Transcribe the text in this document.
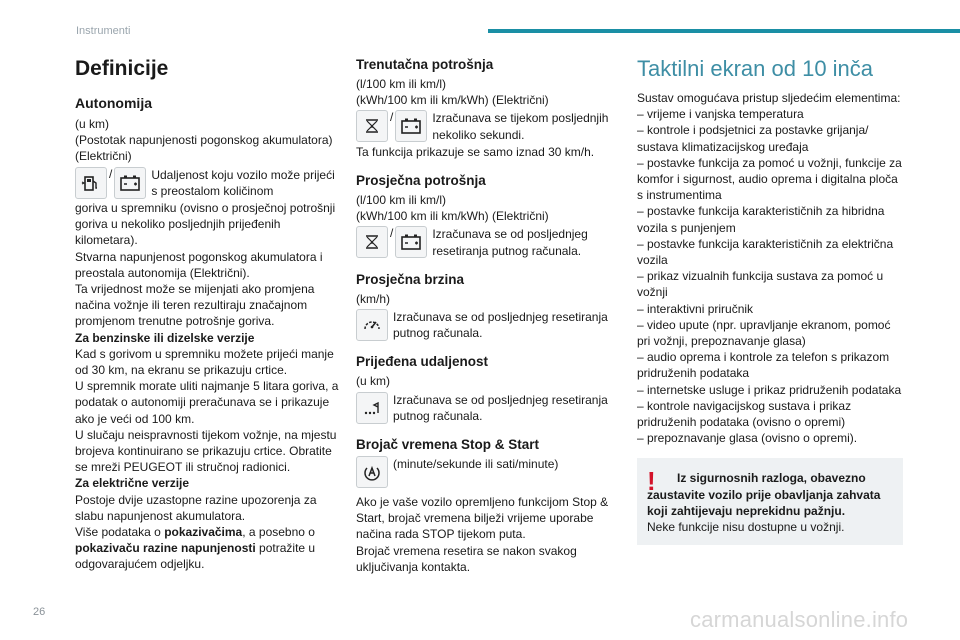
Instrumenti
Definicije
Autonomija

(u km)

(Postotak napunjenosti pogonskog akumulatora) (Električni)

/	Udaljenost koju vozilo može prijeći s preostalom količinom

goriva u spremniku (ovisno o prosječnoj potrošnji goriva u nekoliko posljednjih prijeđenih kilometara).

Stvarna napunjenost pogonskog akumulatora i preostala autonomija (Električni).

Ta vrijednost može se mijenjati ako promjena načina vožnje ili teren rezultiraju značajnom promjenom trenutne potrošnje goriva.

Za benzinske ili dizelske verzije

Kad s gorivom u spremniku možete prijeći manje od 30 km, na ekranu se prikazuju crtice.

U spremnik morate uliti najmanje 5 litara goriva, a podatak o autonomiji preračunava se i prikazuje ako je veći od 100 km.

U slučaju neispravnosti tijekom vožnje, na mjestu brojeva kontinuirano se prikazuju crtice. Obratite se mreži PEUGEOT ili stručnoj radionici.

Za električne verzije

Postoje dvije uzastopne razine upozorenja za slabu napunjenost akumulatora.

Više podataka o pokazivačima, a posebno o pokazivaču razine napunjenosti potražite u odgovarajućem odjeljku.

Trenutačna potrošnja

(l/100 km ili km/l)

(kWh/100 km ili km/kWh) (Električni)

/	Izračunava se tijekom posljednjih nekoliko sekundi.

Ta funkcija prikazuje se samo iznad 30 km/h.

Prosječna potrošnja

(l/100 km ili km/l)

(kWh/100 km ili km/kWh) (Električni)

/	Izračunava se od posljednjeg resetiranja putnog računala.
Prosječna brzina

(km/h)

Izračunava se od posljednjeg resetiranja putnog računala.
Prijeđena udaljenost

(u km)

Izračunava se od posljednjeg resetiranja putnog računala.
Brojač vremena Stop & Start
(minute/sekunde ili sati/minute)

Ako je vaše vozilo opremljeno funkcijom Stop & Start, brojač vremena bilježi vrijeme uporabe načina rada STOP tijekom puta.

Brojač vremena resetira se nakon svakog uključivanja kontakta.

Taktilni ekran od 10 inča

Sustav omogućava pristup sljedećim elementima:

– vrijeme i vanjska temperatura

– kontrole i podsjetnici za postavke grijanja/ sustava klimatizacijskog uređaja

– postavke funkcija za pomoć u vožnji, funkcije za komfor i sigurnost, audio oprema i digitalna ploča s instrumentima

– postavke funkcija karakterističnih za hibridna vozila s punjenjem

– postavke funkcija karakterističnih za električna vozila

– prikaz vizualnih funkcija sustava za pomoć u vožnji

– interaktivni priručnik

– video upute (npr. upravljanje ekranom, pomoć pri vožnji, prepoznavanje glasa)

– audio oprema i kontrole za telefon s prikazom pridruženih podataka

– internetske usluge i prikaz pridruženih podataka

– kontrole navigacijskog sustava i prikaz pridruženih podataka (ovisno o opremi)

– prepoznavanje glasa (ovisno o opremi).

!	Iz sigurnosnih razloga, obavezno zaustavite vozilo prije obavljanja zahvata koji zahtijevaju neprekidnu pažnju.

Neke funkcije nisu dostupne u vožnji.

26	carmanualsonline.info
